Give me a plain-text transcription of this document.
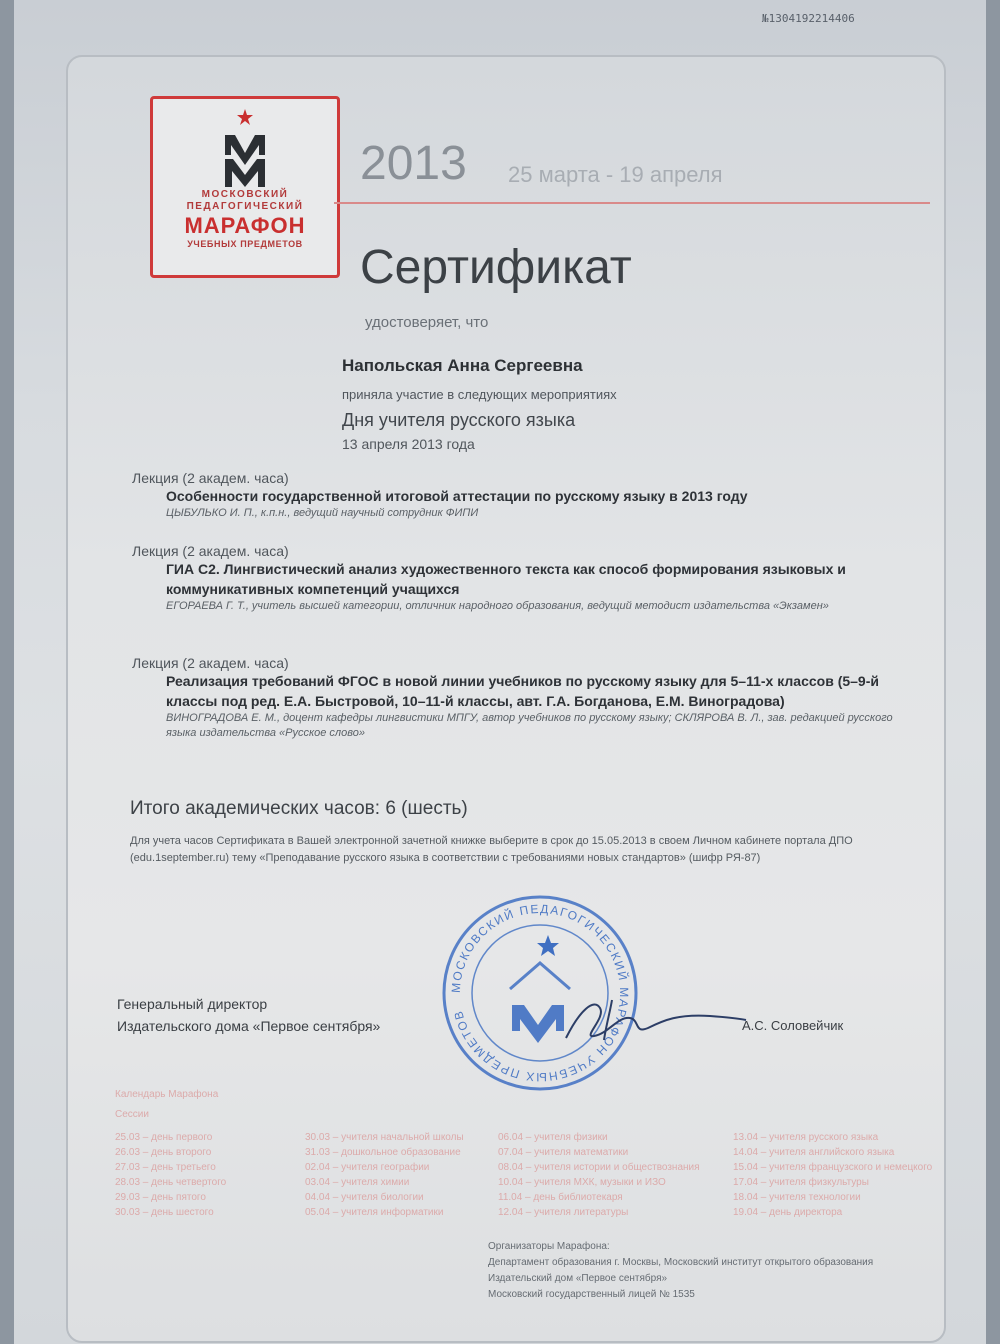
№1304192214406
МОСКОВСКИЙ
ПЕДАГОГИЧЕСКИЙ
МАРАФОН
УЧЕБНЫХ ПРЕДМЕТОВ
2013 25 марта - 19 апреля
Сертификат
удостоверяет, что
Напольская Анна Сергеевна
приняла участие в следующих мероприятиях
Дня учителя русского языка
13 апреля 2013 года
Лекция (2 академ. часа)
Особенности государственной итоговой аттестации по русскому языку в 2013 году
ЦЫБУЛЬКО И. П., к.п.н., ведущий научный сотрудник ФИПИ
Лекция (2 академ. часа)
ГИА С2. Лингвистический анализ художественного текста как способ формирования языковых и коммуникативных компетенций учащихся
ЕГОРАЕВА Г. Т., учитель высшей категории, отличник народного образования, ведущий методист издательства «Экзамен»
Лекция (2 академ. часа)
Реализация требований ФГОС в новой линии учебников по русскому языку для 5–11-х классов (5–9-й классы под ред. Е.А. Быстровой, 10–11-й классы, авт. Г.А. Богданова, Е.М. Виноградова)
ВИНОГРАДОВА Е. М., доцент кафедры лингвистики МПГУ, автор учебников по русскому языку; СКЛЯРОВА В. Л., зав. редакцией русского языка издательства «Русское слово»
Итого академических часов: 6 (шесть)
Для учета часов Сертификата в Вашей электронной зачетной книжке выберите в срок до 15.05.2013 в своем Личном кабинете портала ДПО (edu.1september.ru) тему «Преподавание русского языка в соответствии с требованиями новых стандартов» (шифр РЯ-87)
МОСКОВСКИЙ ПЕДАГОГИЧЕСКИЙ МАРАФОН УЧЕБНЫХ ПРЕДМЕТОВ
Генеральный директор
Издательского дома «Первое сентября»	А.С. Соловейчик
Календарь Марафона
Сессии
25.03 – день первого
26.03 – день второго
27.03 – день третьего
28.03 – день четвертого
29.03 – день пятого
30.03 – день шестого
30.03 – учителя начальной школы
31.03 – дошкольное образование
02.04 – учителя географии
03.04 – учителя химии
04.04 – учителя биологии
05.04 – учителя информатики
06.04 – учителя физики
07.04 – учителя математики
08.04 – учителя истории и обществознания
10.04 – учителя МХК, музыки и ИЗО
11.04 – день библиотекаря
12.04 – учителя литературы
13.04 – учителя русского языка
14.04 – учителя английского языка
15.04 – учителя французского и немецкого
17.04 – учителя физкультуры
18.04 – учителя технологии
19.04 – день директора
Организаторы Марафона:
Департамент образования г. Москвы, Московский институт открытого образования
Издательский дом «Первое сентября»
Московский государственный лицей № 1535
